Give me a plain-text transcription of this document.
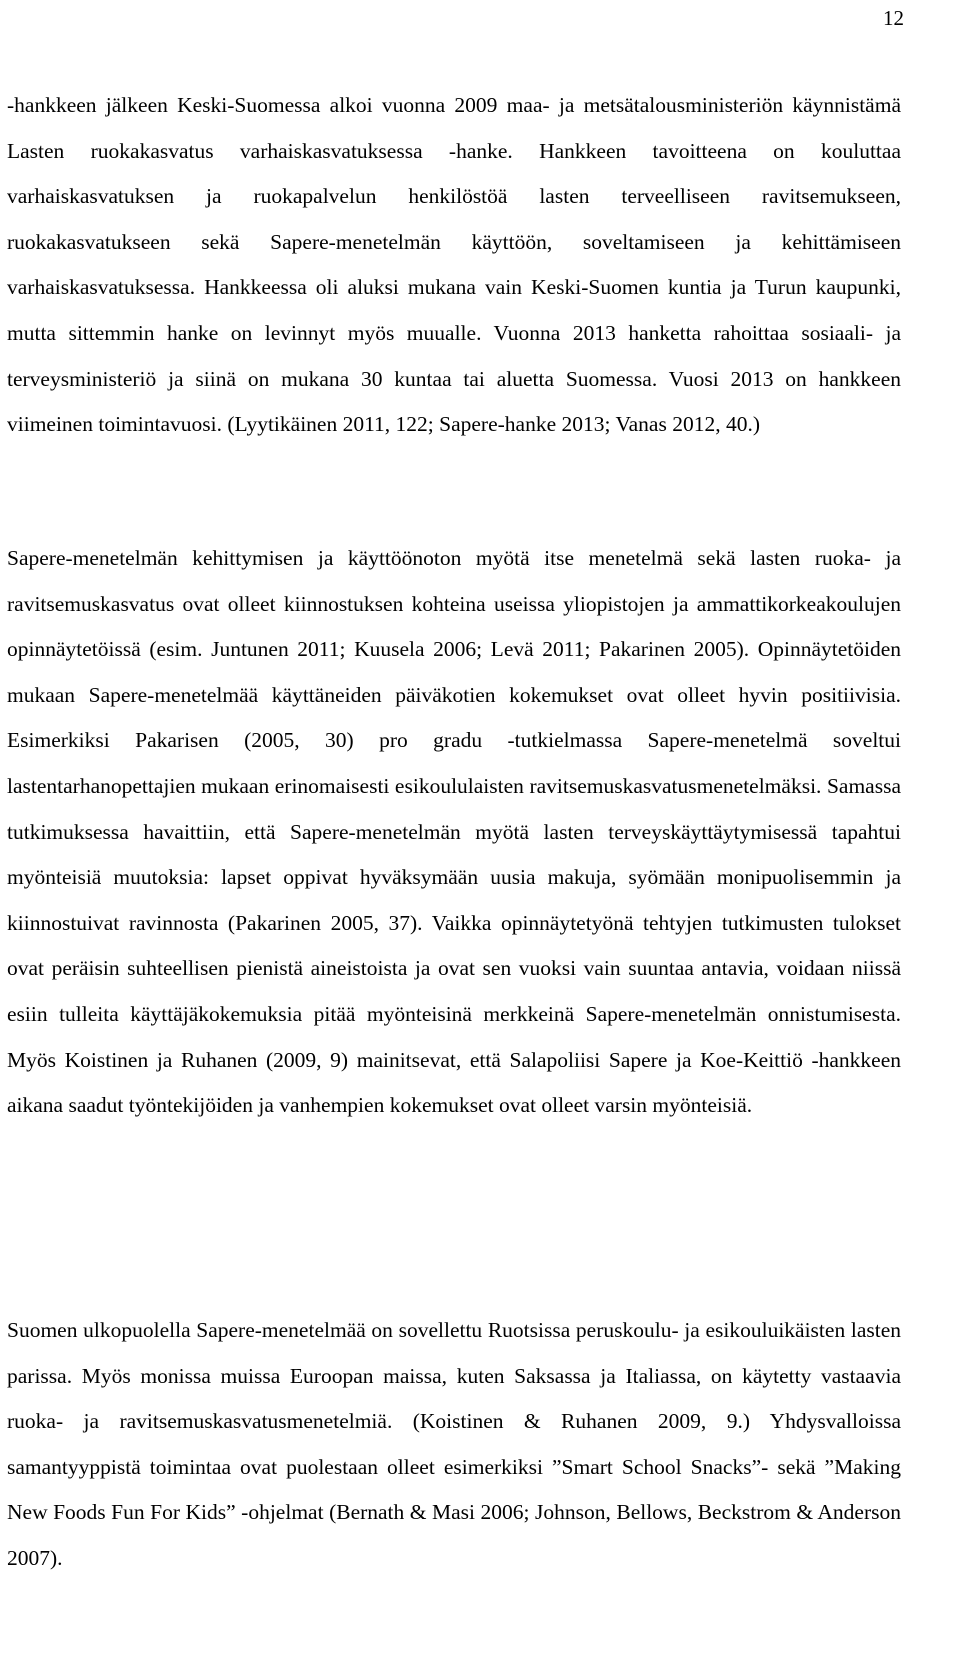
12

-hankkeen jälkeen Keski-Suomessa alkoi vuonna 2009 maa- ja metsätalousministeriön käynnistämä Lasten ruokakasvatus varhaiskasvatuksessa -hanke. Hankkeen tavoitteena on kouluttaa varhaiskasvatuksen ja ruokapalvelun henkilöstöä lasten terveelliseen ravitsemukseen, ruokakasvatukseen sekä Sapere-menetelmän käyttöön, soveltamiseen ja kehittämiseen varhaiskasvatuksessa. Hankkeessa oli aluksi mukana vain Keski-Suomen kuntia ja Turun kaupunki, mutta sittemmin hanke on levinnyt myös muualle. Vuonna 2013 hanketta rahoittaa sosiaali- ja terveysministeriö ja siinä on mukana 30 kuntaa tai aluetta Suomessa. Vuosi 2013 on hankkeen viimeinen toimintavuosi. (Lyytikäinen 2011, 122; Sapere-hanke 2013; Vanas 2012, 40.)

Sapere-menetelmän kehittymisen ja käyttöönoton myötä itse menetelmä sekä lasten ruoka- ja ravitsemuskasvatus ovat olleet kiinnostuksen kohteina useissa yliopistojen ja ammattikorkeakoulujen opinnäytetöissä (esim. Juntunen 2011; Kuusela 2006; Levä 2011; Pakarinen 2005). Opinnäytetöiden mukaan Sapere-menetelmää käyttäneiden päiväkotien kokemukset ovat olleet hyvin positiivisia. Esimerkiksi Pakarisen (2005, 30) pro gradu -tutkielmassa Sapere-menetelmä soveltui lastentarhanopettajien mukaan erinomaisesti esikoululaisten ravitsemuskasvatusmenetelmäksi. Samassa tutkimuksessa havaittiin, että Sapere-menetelmän myötä lasten terveyskäyttäytymisessä tapahtui myönteisiä muutoksia: lapset oppivat hyväksymään uusia makuja, syömään monipuolisemmin ja kiinnostuivat ravinnosta (Pakarinen 2005, 37). Vaikka opinnäytetyönä tehtyjen tutkimusten tulokset ovat peräisin suhteellisen pienistä aineistoista ja ovat sen vuoksi vain suuntaa antavia, voidaan niissä esiin tulleita käyttäjäkokemuksia pitää myönteisinä merkkeinä Sapere-menetelmän onnistumisesta. Myös Koistinen ja Ruhanen (2009, 9) mainitsevat, että Salapoliisi Sapere ja Koe-Keittiö -hankkeen aikana saadut työntekijöiden ja vanhempien kokemukset ovat olleet varsin myönteisiä.

Suomen ulkopuolella Sapere-menetelmää on sovellettu Ruotsissa peruskoulu- ja esikouluikäisten lasten parissa. Myös monissa muissa Euroopan maissa, kuten Saksassa ja Italiassa, on käytetty vastaavia ruoka- ja ravitsemuskasvatusmenetelmiä. (Koistinen & Ruhanen 2009, 9.) Yhdysvalloissa samantyyppistä toimintaa ovat puolestaan olleet esimerkiksi ”Smart School Snacks”- sekä ”Making New Foods Fun For Kids” -ohjelmat (Bernath & Masi 2006; Johnson, Bellows, Beckstrom & Anderson 2007).
